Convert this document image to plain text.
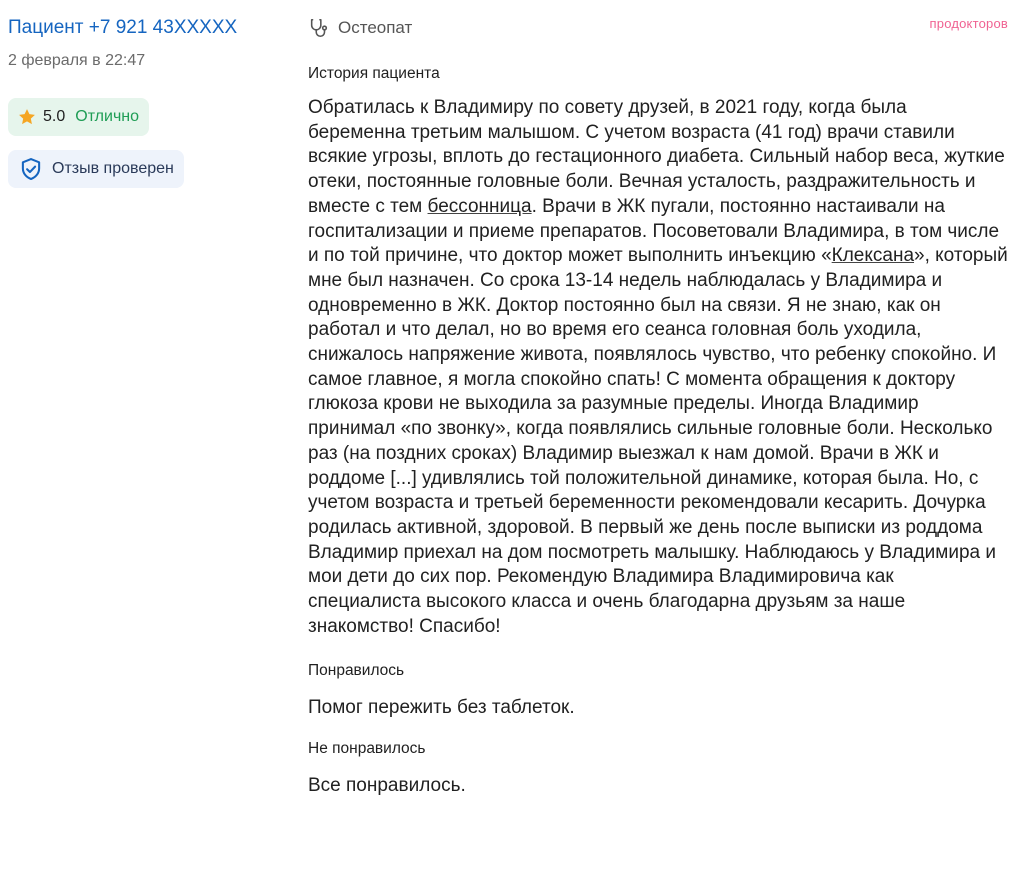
Пациент +7 921 43XXXXX
2 февраля в 22:47
5.0 Отлично
Отзыв проверен
Остеопат	продокторов
История пациента
Обратилась к Владимиру по совету друзей, в 2021 году, когда была беременна третьим малышом. С учетом возраста (41 год) врачи ставили всякие угрозы, вплоть до гестационного диабета. Сильный набор веса, жуткие отеки, постоянные головные боли. Вечная усталость, раздражительность и вместе с тем бессонница. Врачи в ЖК пугали, постоянно настаивали на госпитализации и приеме препаратов. Посоветовали Владимира, в том числе и по той причине, что доктор может выполнить инъекцию «Клексана», который мне был назначен. Со срока 13-14 недель наблюдалась у Владимира и одновременно в ЖК. Доктор постоянно был на связи. Я не знаю, как он работал и что делал, но во время его сеанса головная боль уходила, снижалось напряжение живота, появлялось чувство, что ребенку спокойно. И самое главное, я могла спокойно спать! С момента обращения к доктору глюкоза крови не выходила за разумные пределы. Иногда Владимир принимал «по звонку», когда появлялись сильные головные боли. Несколько раз (на поздних сроках) Владимир выезжал к нам домой. Врачи в ЖК и роддоме [...] удивлялись той положительной динамике, которая была. Но, с учетом возраста и третьей беременности рекомендовали кесарить. Дочурка родилась активной, здоровой. В первый же день после выписки из роддома Владимир приехал на дом посмотреть малышку. Наблюдаюсь у Владимира и мои дети до сих пор. Рекомендую Владимира Владимировича как специалиста высокого класса и очень благодарна друзьям за наше знакомство! Спасибо!
Понравилось
Помог пережить без таблеток.
Не понравилось
Все понравилось.
